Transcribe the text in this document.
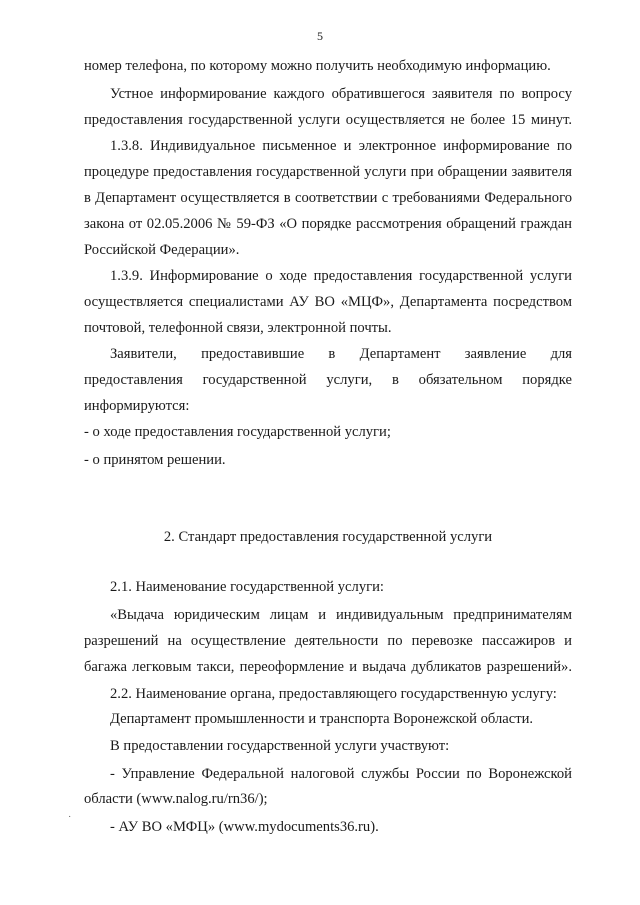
5
номер телефона, по которому можно получить необходимую информацию.
Устное информирование каждого обратившегося заявителя по вопросу
предоставления государственной услуги осуществляется не более 15 минут.
1.3.8. Индивидуальное письменное и электронное информирование по
процедуре предоставления государственной услуги при обращении заявителя
в Департамент осуществляется в соответствии с требованиями Федерального
закона от 02.05.2006 № 59-ФЗ «О порядке рассмотрения обращений граждан
Российской Федерации».
1.3.9. Информирование о ходе предоставления государственной услуги
осуществляется специалистами АУ ВО «МЦФ», Департамента посредством
почтовой, телефонной связи, электронной почты.
Заявители, предоставившие в Департамент заявление для
предоставления государственной услуги, в обязательном порядке
информируются:
- о ходе предоставления государственной услуги;
- о принятом решении.
2. Стандарт предоставления государственной услуги
2.1. Наименование государственной услуги:
«Выдача юридическим лицам и индивидуальным предпринимателям
разрешений на осуществление деятельности по перевозке пассажиров и
багажа легковым такси, переоформление и выдача дубликатов разрешений».
2.2. Наименование органа, предоставляющего государственную услугу:
Департамент промышленности и транспорта Воронежской области.
В предоставлении государственной услуги участвуют:
- Управление Федеральной налоговой службы России по Воронежской
области (www.nalog.ru/rn36/);
˙	- АУ ВО «МФЦ» (www.mydocuments36.ru).
